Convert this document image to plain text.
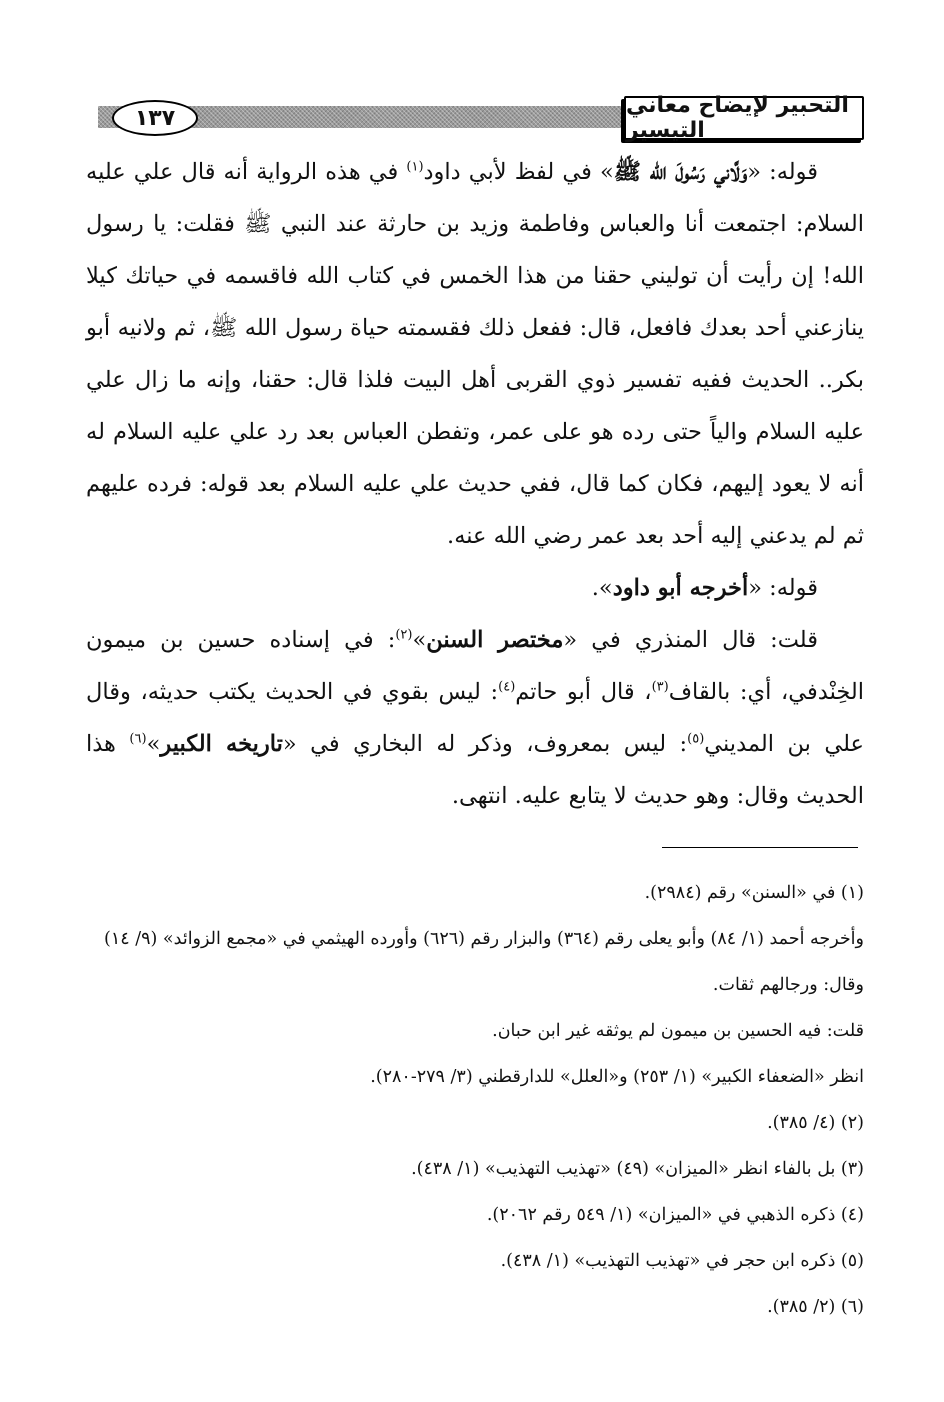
١٣٧	التحبير لإيضاح معاني التيسير

قوله: «وَلَّاني رَسُولَ الله ﷺ» في لفظ لأبي داود$^{(١)}$ في هذه الرواية أنه قال علي عليه السلام: اجتمعت أنا والعباس وفاطمة وزيد بن حارثة عند النبي ﷺ فقلت: يا رسول الله! إن رأيت أن توليني حقنا من هذا الخمس في كتاب الله فاقسمه في حياتك كيلا ينازعني أحد بعدك فافعل، قال: ففعل ذلك فقسمته حياة رسول الله ﷺ، ثم ولانيه أبو بكر.. الحديث ففيه تفسير ذوي القربى أهل البيت فلذا قال: حقنا، وإنه ما زال علي عليه السلام والياً حتى رده هو على عمر، وتفطن العباس بعد رد علي عليه السلام له أنه لا يعود إليهم، فكان كما قال، ففي حديث علي عليه السلام بعد قوله: فرده عليهم ثم لم يدعني إليه أحد بعد عمر رضي الله عنه.

قوله: «أخرجه أبو داود».

قلت: قال المنذري في «مختصر السنن»$^{(٢)}$: في إسناده حسين بن ميمون الخِنْدفي، أي: بالقاف$^{(٣)}$، قال أبو حاتم$^{(٤)}$: ليس بقوي في الحديث يكتب حديثه، وقال علي بن المديني$^{(٥)}$: ليس بمعروف، وذكر له البخاري في «تاريخه الكبير»$^{(٦)}$ هذا الحديث وقال: وهو حديث لا يتابع عليه. انتهى.

(١) في «السنن» رقم (٢٩٨٤).

وأخرجه أحمد (١/ ٨٤) وأبو يعلى رقم (٣٦٤) والبزار رقم (٦٢٦) وأورده الهيثمي في «مجمع الزوائد» (٩/ ١٤) وقال: ورجالهم ثقات.

قلت: فيه الحسين بن ميمون لم يوثقه غير ابن حبان.

انظر «الضعفاء الكبير» (١/ ٢٥٣) و«العلل» للدارقطني (٣/ ٢٧٩-٢٨٠).

(٢) (٤/ ٣٨٥).

(٣) بل بالفاء انظر «الميزان» (٤٩) «تهذيب التهذيب» (١/ ٤٣٨).

(٤) ذكره الذهبي في «الميزان» (١/ ٥٤٩ رقم ٢٠٦٢).

(٥) ذكره ابن حجر في «تهذيب التهذيب» (١/ ٤٣٨).

(٦) (٢/ ٣٨٥).
